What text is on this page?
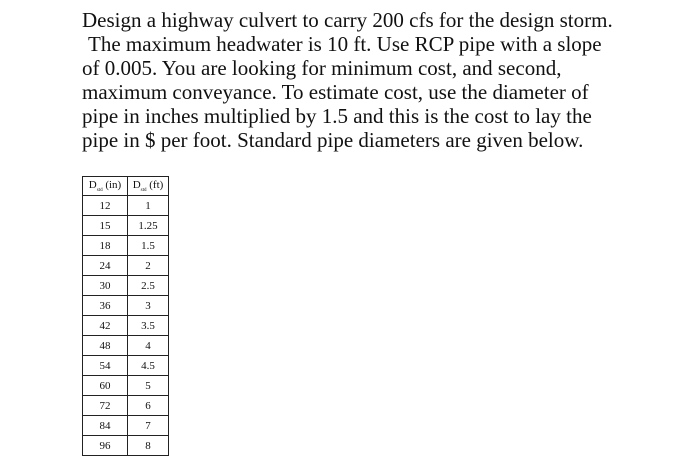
Design a highway culvert to carry 200 cfs for the design storm.
The maximum headwater is 10 ft. Use RCP pipe with a slope
of 0.005. You are looking for minimum cost, and second,
maximum conveyance. To estimate cost, use the diameter of
pipe in inches multiplied by 1.5 and this is the cost to lay the
pipe in $ per foot. Standard pipe diameters are given below.
$D_{std}$ (in)	$D_{std}$ (ft)
12	1
15	1.25
18	1.5
24	2
30	2.5
36	3
42	3.5
48	4
54	4.5
60	5
72	6
84	7
96	8
